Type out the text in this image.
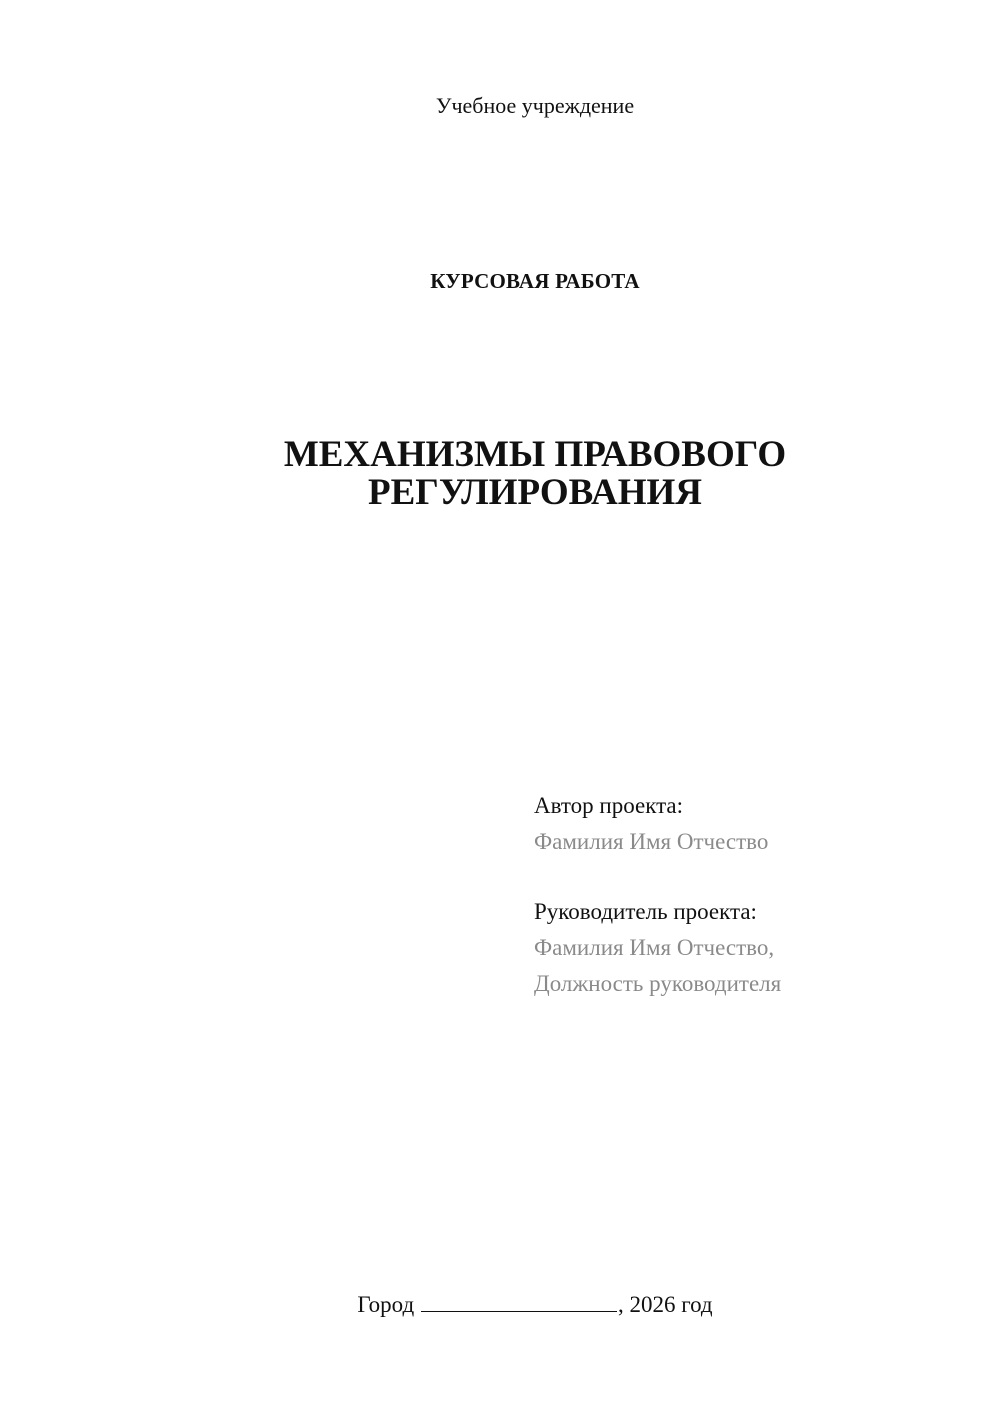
Учебное учреждение
КУРСОВАЯ РАБОТА
МЕХАНИЗМЫ ПРАВОВОГО
РЕГУЛИРОВАНИЯ
Автор проекта:
Фамилия Имя Отчество
Руководитель проекта:
Фамилия Имя Отчество,
Должность руководителя
Город	, 2026 год
